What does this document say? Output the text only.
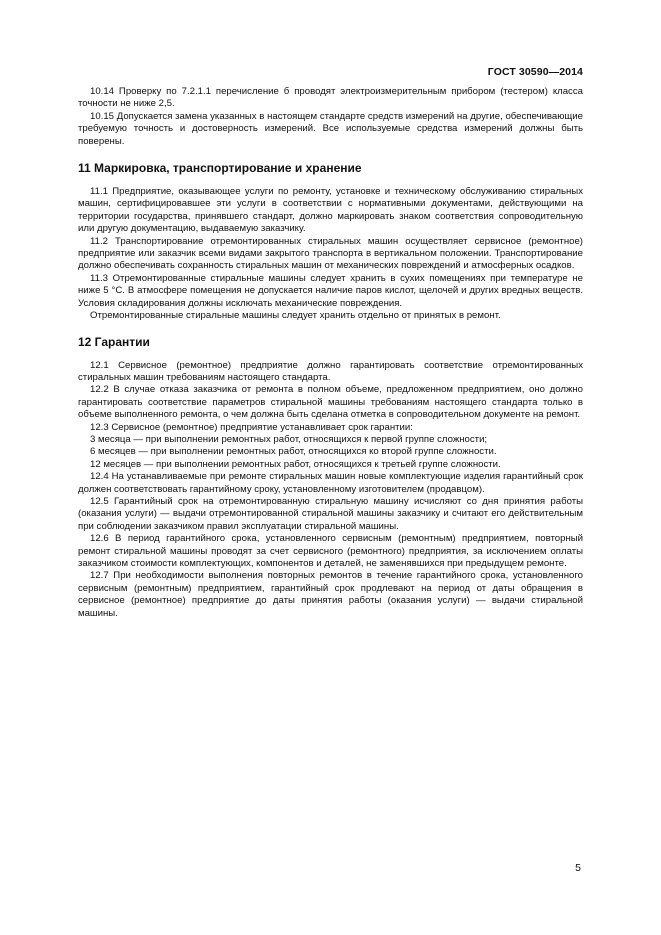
ГОСТ 30590—2014

10.14 Проверку по 7.2.1.1 перечисление б проводят электроизмерительным прибором (тестером) класса точности не ниже 2,5.

10.15 Допускается замена указанных в настоящем стандарте средств измерений на другие, обеспечивающие требуемую точность и достоверность измерений. Все используемые средства измерений должны быть поверены.

11 Маркировка, транспортирование и хранение

11.1 Предприятие, оказывающее услуги по ремонту, установке и техническому обслуживанию стиральных машин, сертифицировавшее эти услуги в соответствии с нормативными документами, действующими на территории государства, принявшего стандарт, должно маркировать знаком соответствия сопроводительную или другую документацию, выдаваемую заказчику.

11.2 Транспортирование отремонтированных стиральных машин осуществляет сервисное (ремонтное) предприятие или заказчик всеми видами закрытого транспорта в вертикальном положении. Транспортирование должно обеспечивать сохранность стиральных машин от механических повреждений и атмосферных осадков.

11.3 Отремонтированные стиральные машины следует хранить в сухих помещениях при температуре не ниже 5 °С. В атмосфере помещения не допускается наличие паров кислот, щелочей и других вредных веществ. Условия складирования должны исключать механические повреждения.

Отремонтированные стиральные машины следует хранить отдельно от принятых в ремонт.

12 Гарантии

12.1 Сервисное (ремонтное) предприятие должно гарантировать соответствие отремонтированных стиральных машин требованиям настоящего стандарта.

12.2 В случае отказа заказчика от ремонта в полном объеме, предложенном предприятием, оно должно гарантировать соответствие параметров стиральной машины требованиям настоящего стандарта только в объеме выполненного ремонта, о чем должна быть сделана отметка в сопроводительном документе на ремонт.

12.3 Сервисное (ремонтное) предприятие устанавливает срок гарантии:

3 месяца — при выполнении ремонтных работ, относящихся к первой группе сложности;

6 месяцев — при выполнении ремонтных работ, относящихся ко второй группе сложности.

12 месяцев — при выполнении ремонтных работ, относящихся к третьей группе сложности.

12.4 На устанавливаемые при ремонте стиральных машин новые комплектующие изделия гарантийный срок должен соответствовать гарантийному сроку, установленному изготовителем (продавцом).

12.5 Гарантийный срок на отремонтированную стиральную машину исчисляют со дня принятия работы (оказания услуги) — выдачи отремонтированной стиральной машины заказчику и считают его действительным при соблюдении заказчиком правил эксплуатации стиральной машины.

12.6 В период гарантийного срока, установленного сервисным (ремонтным) предприятием, повторный ремонт стиральной машины проводят за счет сервисного (ремонтного) предприятия, за исключением оплаты заказчиком стоимости комплектующих, компонентов и деталей, не заменявшихся при предыдущем ремонте.

12.7 При необходимости выполнения повторных ремонтов в течение гарантийного срока, установленного сервисным (ремонтным) предприятием, гарантийный срок продлевают на период от даты обращения в сервисное (ремонтное) предприятие до даты принятия работы (оказания услуги) — выдачи стиральной машины.

5
